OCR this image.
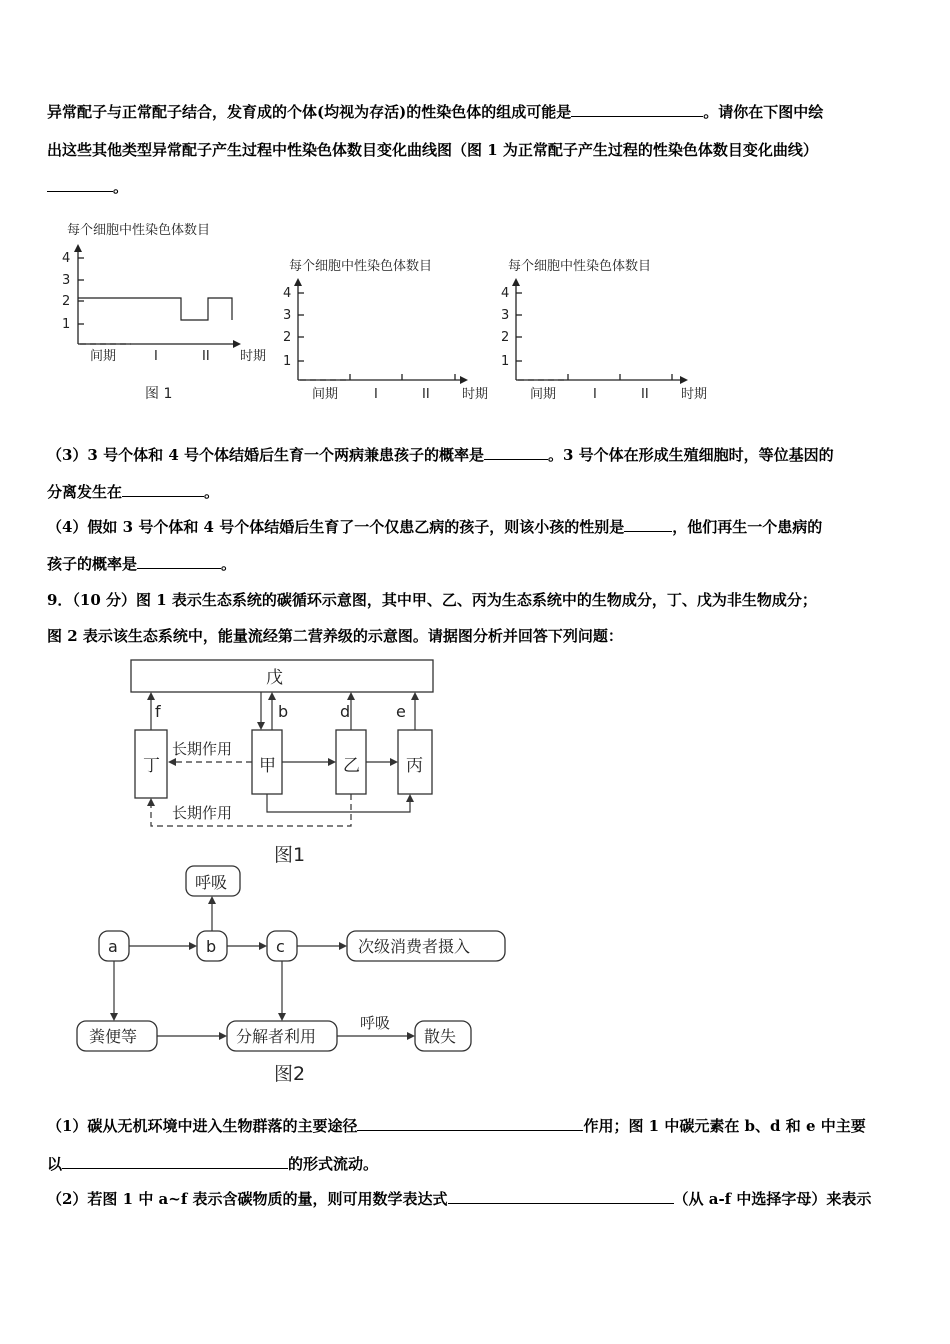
异常配子与正常配子结合，发育成的个体(均视为存活)的性染色体的组成可能是	。请你在下图中绘
出这些其他类型异常配子产生过程中性染色体数目变化曲线图（图 1 为正常配子产生过程的性染色体数目变化曲线）
。
每个细胞中性染色体数目
4
3
2
1
间期	I	II 时期
图 1
每个细胞中性染色体数目
4
3
2
1
间期	I	II 时期
每个细胞中性染色体数目
4
3
2
1
间期	I	II 时期
（3）3 号个体和 4 号个体结婚后生育一个两病兼患孩子的概率是	。3 号个体在形成生殖细胞时，等位基因的
分离发生在	。
（4）假如 3 号个体和 4 号个体结婚后生育了一个仅患乙病的孩子，则该小孩的性别是	，他们再生一个患病的
孩子的概率是	。
9．（10 分）图 1 表示生态系统的碳循环示意图，其中甲、乙、丙为生态系统中的生物成分，丁、戊为非生物成分；
图 2 表示该生态系统中，能量流经第二营养级的示意图。请据图分析并回答下列问题：
戊
丁	甲	乙	丙
f	b	d	e
长期作用
长期作用
图1
呼吸
a	b	c	次级消费者摄入
粪便等	分解者利用	散失
呼吸
图2
（1）碳从无机环境中进入生物群落的主要途径	作用；图 1 中碳元素在 b、d 和 e 中主要
以	的形式流动。
（2）若图 1 中 a~f 表示含碳物质的量，则可用数学表达式	（从 a-f 中选择字母）来表示
